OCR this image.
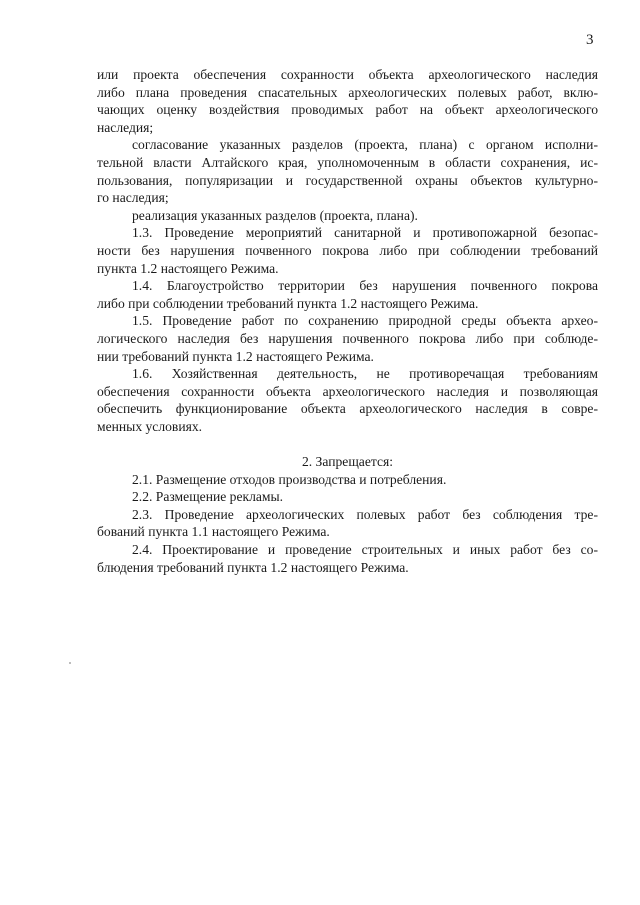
3
или проекта обеспечения сохранности объекта археологического наследия
либо плана проведения спасательных археологических полевых работ, вклю-
чающих оценку воздействия проводимых работ на объект археологического
наследия;
согласование указанных разделов (проекта, плана) с органом исполни-
тельной власти Алтайского края, уполномоченным в области сохранения, ис-
пользования, популяризации и государственной охраны объектов культурно-
го наследия;
реализация указанных разделов (проекта, плана).
1.3. Проведение мероприятий санитарной и противопожарной безопас-
ности без нарушения почвенного покрова либо при соблюдении требований
пункта 1.2 настоящего Режима.
1.4. Благоустройство территории без нарушения почвенного покрова
либо при соблюдении требований пункта 1.2 настоящего Режима.
1.5. Проведение работ по сохранению природной среды объекта архео-
логического наследия без нарушения почвенного покрова либо при соблюде-
нии требований пункта 1.2 настоящего Режима.
1.6. Хозяйственная деятельность, не противоречащая требованиям
обеспечения сохранности объекта археологического наследия и позволяющая
обеспечить функционирование объекта археологического наследия в совре-
менных условиях.
2. Запрещается:
2.1. Размещение отходов производства и потребления.
2.2. Размещение рекламы.
2.3. Проведение археологических полевых работ без соблюдения тре-
бований пункта 1.1 настоящего Режима.
2.4. Проектирование и проведение строительных и иных работ без со-
блюдения требований пункта 1.2 настоящего Режима.
